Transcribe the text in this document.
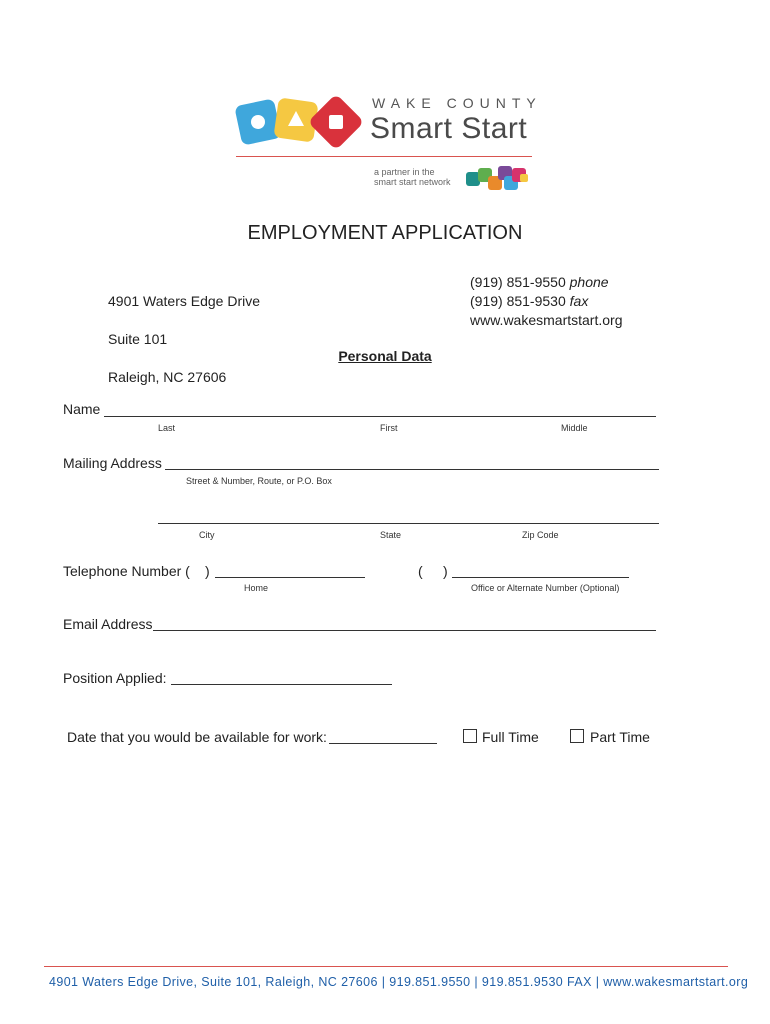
WAKE COUNTY
Smart Start
a partner in the
smart start network
EMPLOYMENT APPLICATION

4901 Waters Edge Drive

Suite 101

Raleigh, NC 27606

(919) 851-9550 phone
(919) 851-9530 fax
www.wakesmartstart.org
Personal Data
Name
Last	First	Middle
Mailing Address
Street & Number, Route, or P.O. Box
City	State	Zip Code
Telephone Number ( )
Home
( )
Office or Alternate Number (Optional)
Email Address
Position Applied:
Date that you would be available for work:	Full Time	Part Time
4901 Waters Edge Drive, Suite 101, Raleigh, NC 27606 | 919.851.9550 | 919.851.9530 FAX | www.wakesmartstart.org
